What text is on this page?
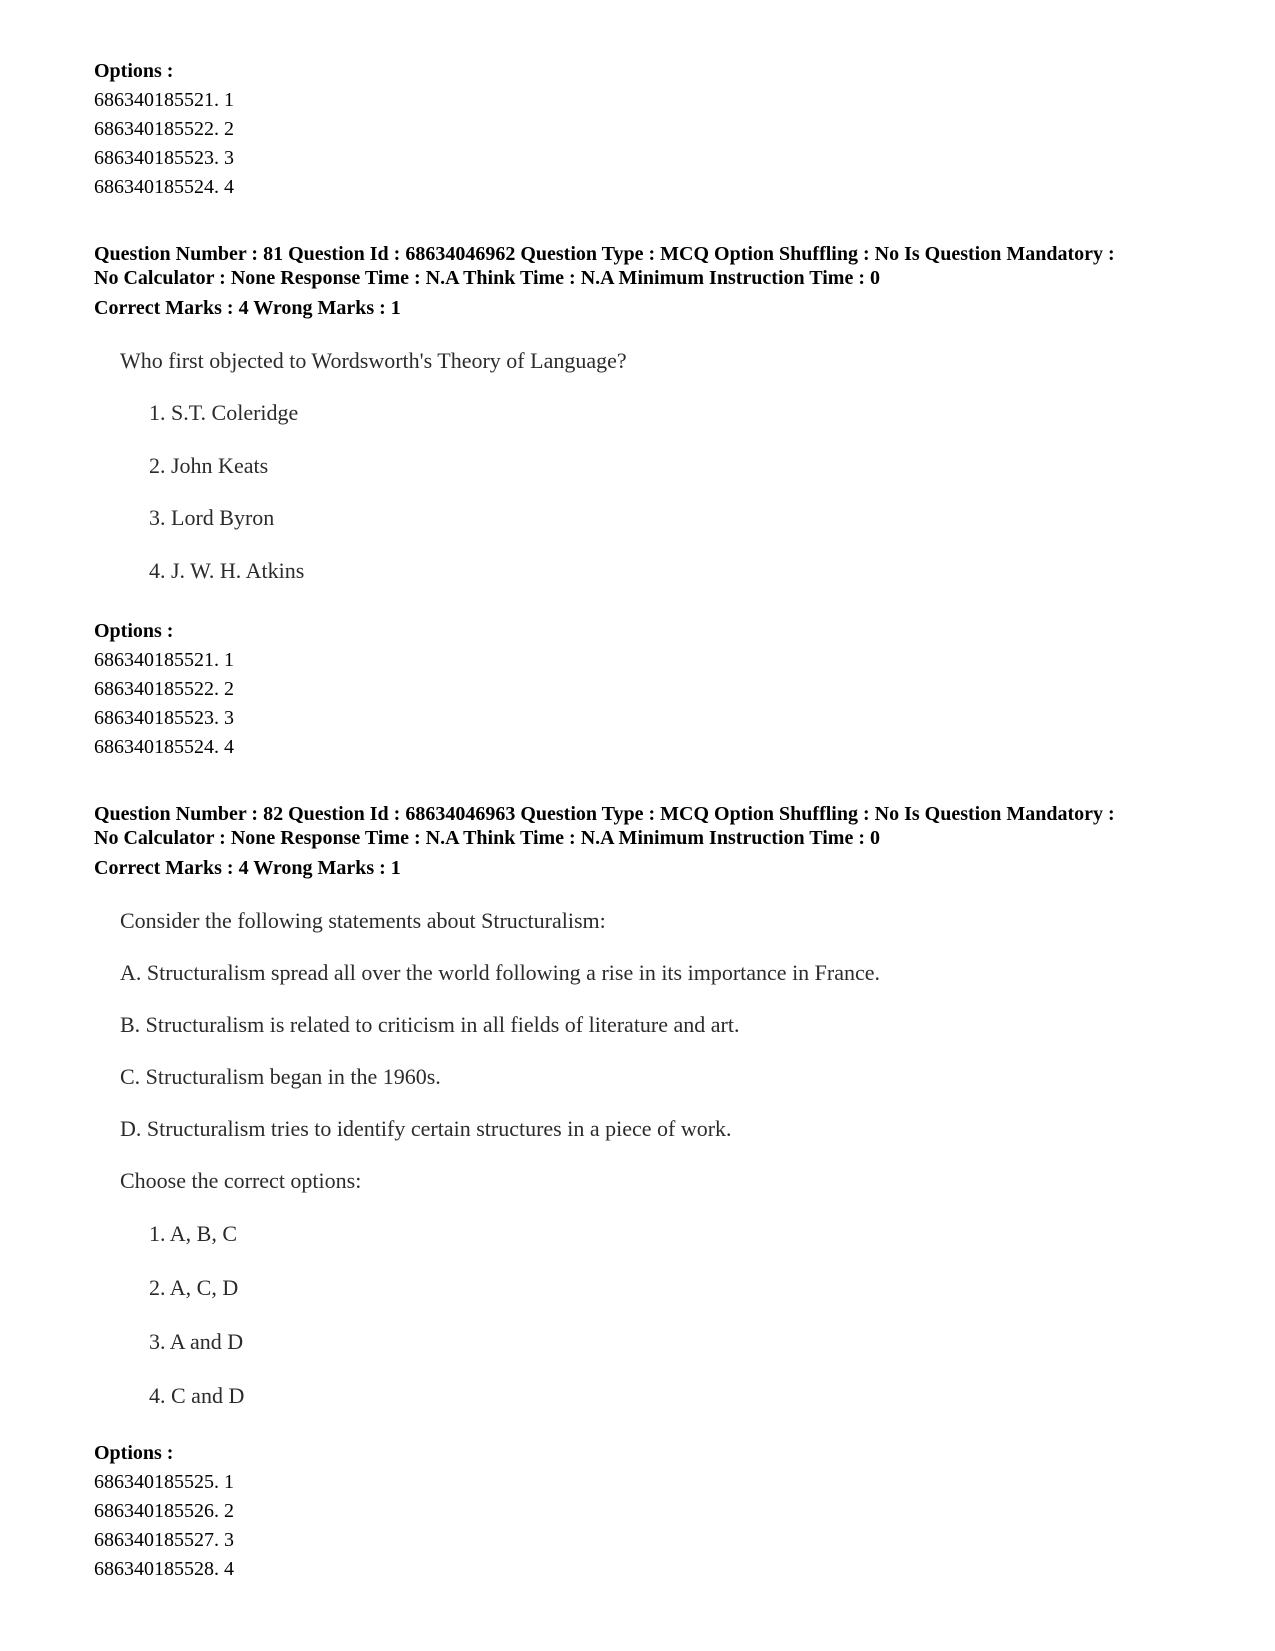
Options :
686340185521. 1
686340185522. 2
686340185523. 3
686340185524. 4
Question Number : 81 Question Id : 68634046962 Question Type : MCQ Option Shuffling : No Is Question Mandatory :
No Calculator : None Response Time : N.A Think Time : N.A Minimum Instruction Time : 0
Correct Marks : 4 Wrong Marks : 1
Who first objected to Wordsworth's Theory of Language?
1. S.T. Coleridge
2. John Keats
3. Lord Byron
4. J. W. H. Atkins
Options :
686340185521. 1
686340185522. 2
686340185523. 3
686340185524. 4
Question Number : 82 Question Id : 68634046963 Question Type : MCQ Option Shuffling : No Is Question Mandatory :
No Calculator : None Response Time : N.A Think Time : N.A Minimum Instruction Time : 0
Correct Marks : 4 Wrong Marks : 1
Consider the following statements about Structuralism:
A. Structuralism spread all over the world following a rise in its importance in France.
B. Structuralism is related to criticism in all fields of literature and art.
C. Structuralism began in the 1960s.
D. Structuralism tries to identify certain structures in a piece of work.
Choose the correct options:
1. A, B, C
2. A, C, D
3. A and D
4. C and D
Options :
686340185525. 1
686340185526. 2
686340185527. 3
686340185528. 4
